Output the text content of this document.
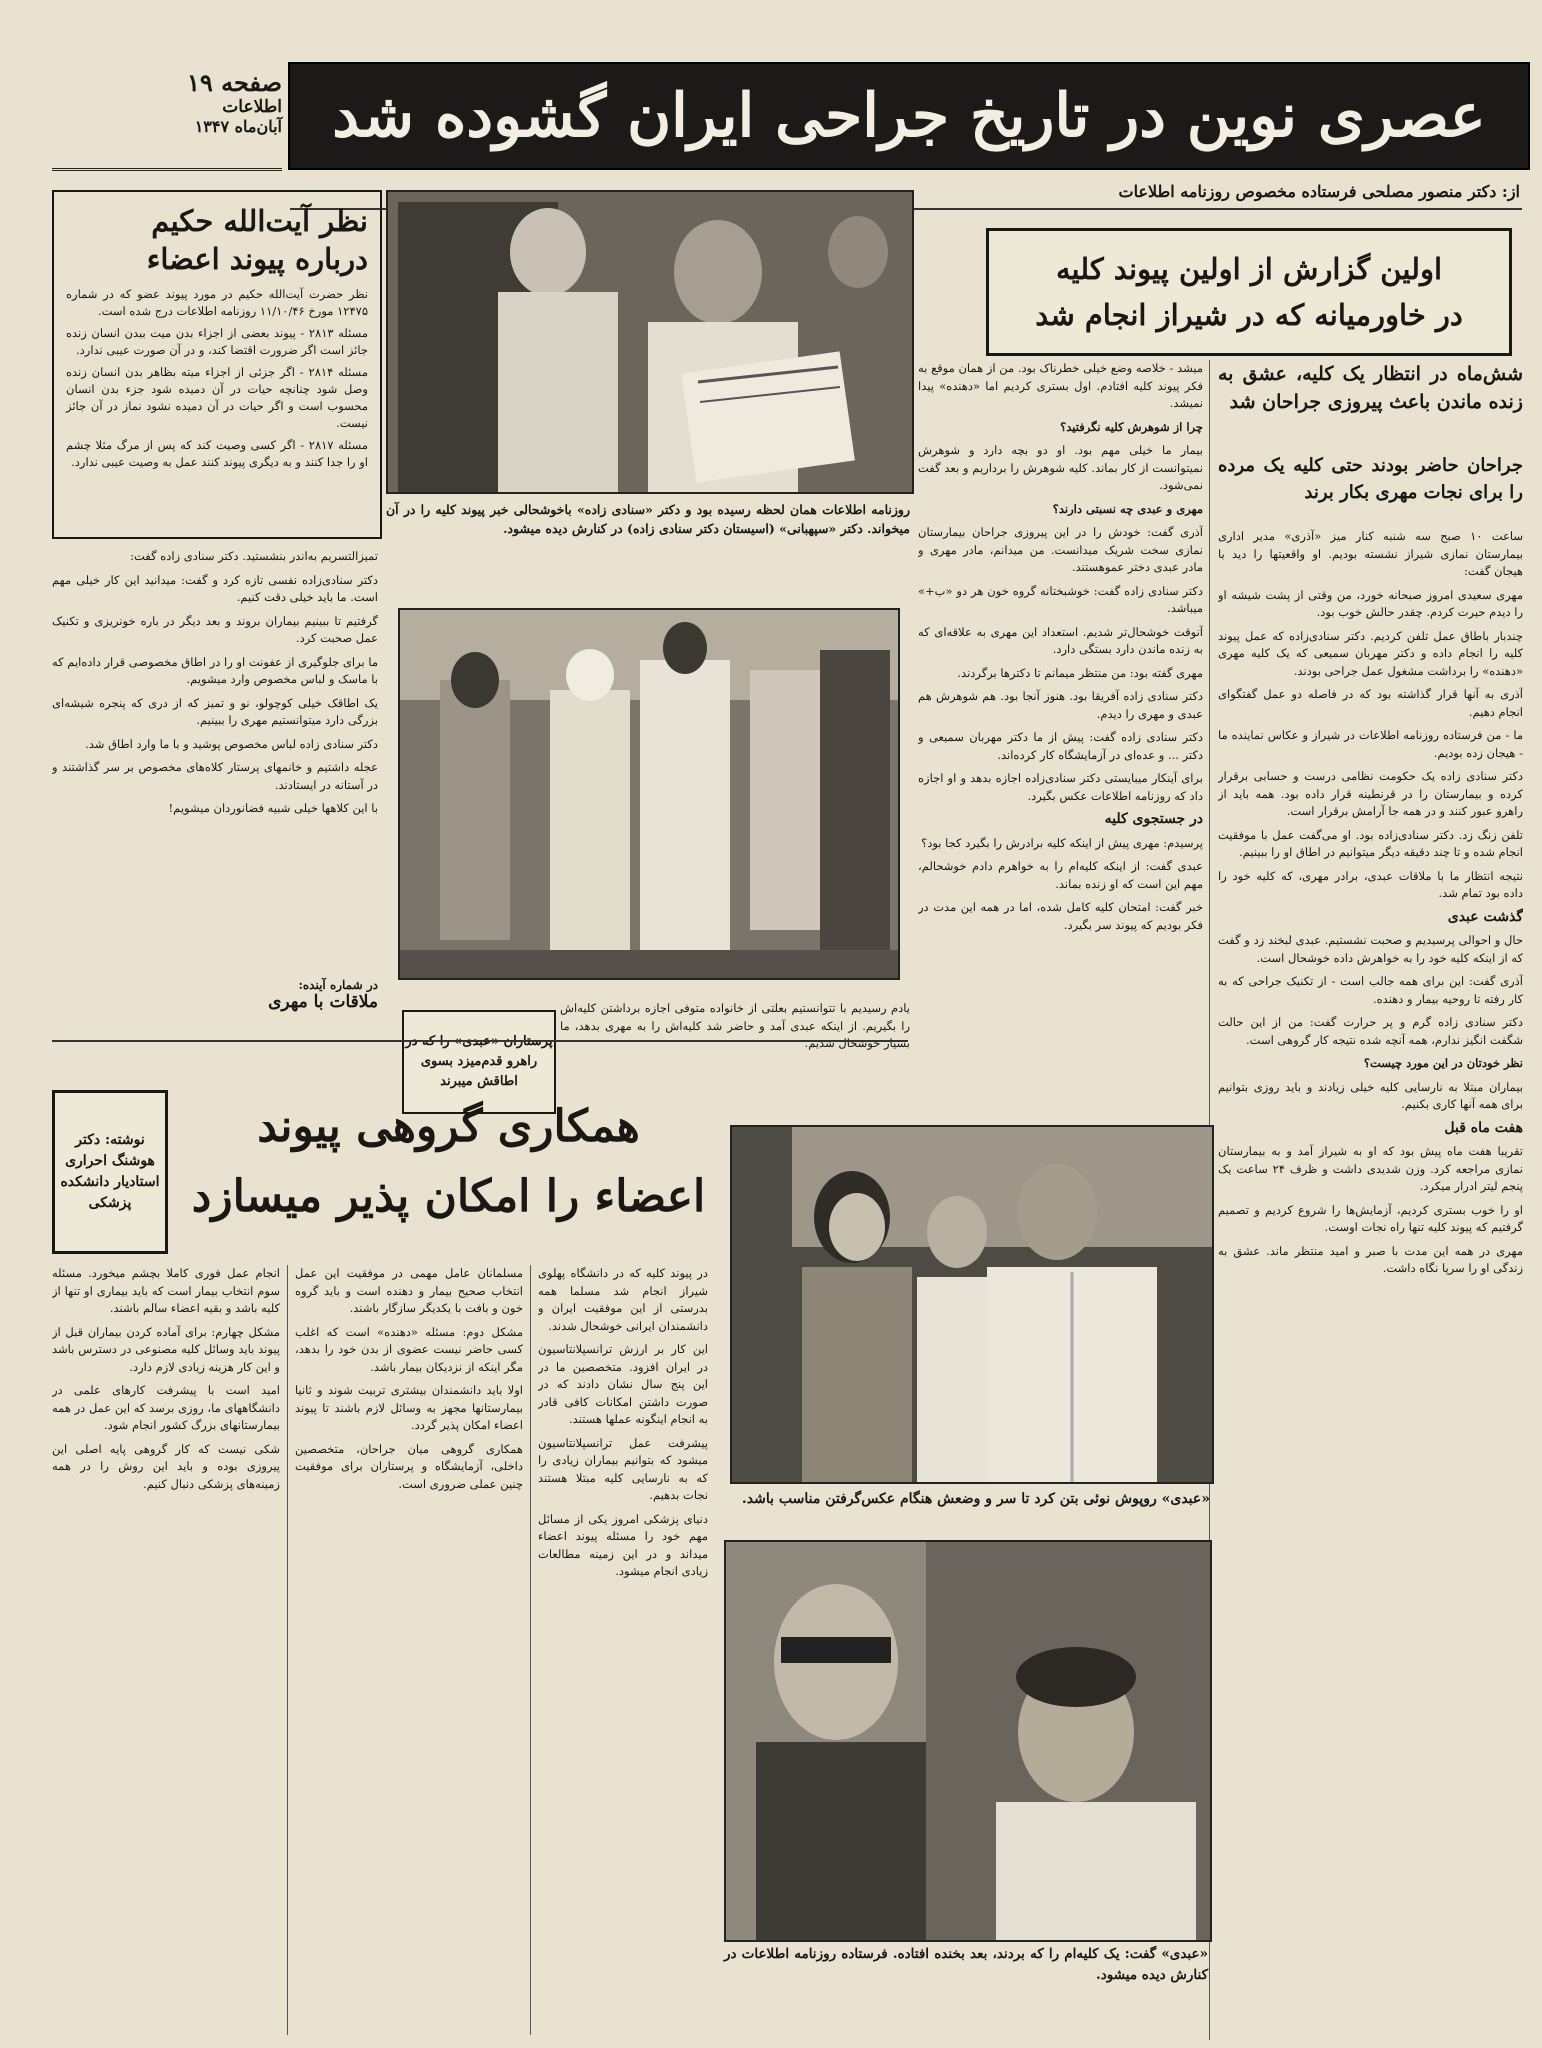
صفحه ۱۹
اطلاعات
آبان‌ماه ۱۳۴۷ عصری نوین در تاریخ جراحی ایران گشوده شد
از: دکتر منصور مصلحی فرستاده مخصوص روزنامه اطلاعات
اولین گزارش از اولین پیوند کلیه
در خاورمیانه که در شیراز انجام شد
شش‌ماه در انتظار یک کلیه، عشق به زنده ماندن باعث پیروزی جراحان شد
جراحان حاضر بودند حتی کلیه یک مرده را برای نجات مهری بکار برند

ساعت ۱۰ صبح سه شنبه کنار میز «آذری» مدیر اداری بیمارستان نمازی شیراز نشسته بودیم. او واقعیتها را دید با هیجان گفت:

مهری سعیدی امروز صبحانه خورد، من وقتی از پشت شیشه او را دیدم حیرت کردم. چقدر حالش خوب بود.

چندبار باطاق عمل تلفن کردیم. دکتر سنادی‌زاده که عمل پیوند کلیه را انجام داده و دکتر مهربان سمیعی که یک کلیه مهری «دهنده» را برداشت مشغول عمل جراحی بودند.

آذری به آنها قرار گذاشته بود که در فاصله دو عمل گفتگوای انجام دهیم.

ما - من فرستاده روزنامه اطلاعات در شیراز و عکاس نماینده ما - هیجان زده بودیم.

دکتر سنادی زاده یک حکومت نظامی درست و حسابی برقرار کرده و بیمارستان را در قرنطینه قرار داده بود. همه باید از راهرو عبور کنند و در همه جا آرامش برقرار است.

تلفن زنگ زد. دکتر سنادی‌زاده بود. او می‌گفت عمل با موفقیت انجام شده و تا چند دقیقه دیگر میتوانیم در اطاق او را ببینیم.

نتیجه انتظار ما با ملاقات عبدی، برادر مهری، که کلیه خود را داده بود تمام شد.

گذشت عبدی

حال و احوالی پرسیدیم و صحبت نشستیم. عبدی لبخند زد و گفت که از اینکه کلیه خود را به خواهرش داده خوشحال است.

آذری گفت: این برای همه جالب است - از تکنیک جراحی که به کار رفته تا روحیه بیمار و دهنده.

دکتر سنادی زاده گرم و پر حرارت گفت: من از این حالت شگفت انگیز ندارم، همه آنچه شده نتیجه کار گروهی است.

نظر خودتان در این مورد چیست؟

بیماران مبتلا به نارسایی کلیه خیلی زیادند و باید روزی بتوانیم برای همه آنها کاری بکنیم.

هفت ماه قبل

تقریبا هفت ماه پیش بود که او به شیراز آمد و به بیمارستان نمازی مراجعه کرد. وزن شدیدی داشت و ظرف ۲۴ ساعت یک پنجم لیتر ادرار میکرد.

او را خوب بستری کردیم، آزمایش‌ها را شروع کردیم و تصمیم گرفتیم که پیوند کلیه تنها راه نجات اوست.

مهری در همه این مدت با صبر و امید منتظر ماند. عشق به زندگی او را سرپا نگاه داشت.

میشد - خلاصه وضع خیلی خطرناک بود. من از همان موقع به فکر پیوند کلیه افتادم. اول بستری کردیم اما «دهنده» پیدا نمیشد.

چرا از شوهرش کلیه نگرفتید؟

بیمار ما خیلی مهم بود. او دو بچه دارد و شوهرش نمیتوانست از کار بماند. کلیه شوهرش را برداریم و بعد گفت نمی‌شود.

مهری و عبدی چه نسبتی دارند؟

آذری گفت: خودش را در این پیروزی جراحان بیمارستان نمازی سخت شریک میدانست. من میدانم، مادر مهری و مادر عبدی دختر عموهستند.

دکتر سنادی زاده گفت: خوشبختانه گروه خون هر دو «ب+» میباشد.

آنوقت خوشحال‌تر شدیم. استعداد این مهری به علاقه‌ای که به زنده ماندن دارد بستگی دارد.

مهری گفته بود: من منتظر میمانم تا دکترها برگردند.

دکتر سنادی زاده آفریقا بود. هنوز آنجا بود. هم شوهرش هم عبدی و مهری را دیدم.

دکتر سنادی زاده گفت: پیش از ما دکتر مهربان سمیعی و دکتر ... و عده‌ای در آزمایشگاه کار کرده‌اند.

برای آینکار میبایستی دکتر سنادی‌زاده اجازه بدهد و او اجازه داد که روزنامه اطلاعات عکس بگیرد.

در جستجوی کلیه

پرسیدم: مهری پیش از اینکه کلیه برادرش را بگیرد کجا بود؟

عبدی گفت: از اینکه کلیه‌ام را به خواهرم دادم خوشحالم، مهم این است که او زنده بماند.

خبر گفت: امتحان کلیه کامل شده، اما در همه این مدت در فکر بودیم که پیوند سر بگیرد.

روزنامه اطلاعات همان لحظه رسیده بود و دکتر «سنادی زاده» باخوشحالی خبر پیوند کلیه را در آن میخواند. دکتر «سپهبانی» (اسیستان دکتر سنادی زاده) در کنارش دیده میشود.
پرستاران «عبدی» را که در راهرو قدم‌میزد بسوی اطاقش میبرند
یادم رسیدیم با تتوانستیم بعلتی از خانواده متوفی اجازه برداشتن کلیه‌اش را بگیریم. از اینکه عبدی آمد و حاضر شد کلیه‌اش را به مهری بدهد، ما بسیار خوشحال شدیم.
نظر آیت‌الله حکیم
درباره پیوند اعضاء
نظر حضرت آیت‌الله حکیم در مورد پیوند عضو که در شماره ۱۲۴۷۵ مورخ ۱۱/۱۰/۴۶ روزنامه اطلاعات درج شده است.
مسئله ۲۸۱۳ - پیوند بعضی از اجزاء بدن میت ببدن انسان زنده جائز است اگر ضرورت اقتضا کند، و در آن صورت عیبی ندارد.
مسئله ۲۸۱۴ - اگر جزئی از اجزاء میته بظاهر بدن انسان زنده وصل شود چنانچه حیات در آن دمیده شود جزء بدن انسان محسوب است و اگر حیات در آن دمیده نشود نماز در آن جائز نیست.
مسئله ۲۸۱۷ - اگر کسی وصیت کند که پس از مرگ مثلا چشم او را جدا کنند و به دیگری پیوند کنند عمل به وصیت عیبی ندارد.

تمیزالتسریم به‌اندر بنشستید. دکتر سنادی زاده گفت:

دکتر سنادی‌زاده نفسی تازه کرد و گفت: میدانید این کار خیلی مهم است. ما باید خیلی دقت کنیم.

گرفتیم تا ببینیم بیماران بروند و بعد دیگر در باره خونریزی و تکنیک عمل صحبت کرد.

ما برای جلوگیری از عفونت او را در اطاق مخصوصی قرار داده‌ایم که با ماسک و لباس مخصوص وارد میشویم.

یک اطاقک خیلی کوچولو، نو و تمیز که از دری که پنجره شیشه‌ای بزرگی دارد میتوانستیم مهری را ببینیم.

دکتر سنادی زاده لباس مخصوص پوشید و با ما وارد اطاق شد.

عجله داشتیم و خانمهای پرستار کلاه‌های مخصوص بر سر گذاشتند و در آستانه در ایستادند.

با این کلاهها خیلی شبیه فضانوردان میشویم!

در شماره آینده:
ملاقات با مهری
نوشته: دکتر
هوشنگ احراری
استادیار دانشکده پزشکی
همکاری گروهی پیوند
اعضاء را امکان پذیر میسازد

در پیوند کلیه که در دانشگاه پهلوی شیراز انجام شد مسلما همه بدرستی از این موفقیت ایران و دانشمندان ایرانی خوشحال شدند.

این کار بر ارزش ترانسپلانتاسیون در ایران افزود. متخصصین ما در این پنج سال نشان دادند که در صورت داشتن امکانات کافی قادر به انجام اینگونه عملها هستند.

پیشرفت عمل ترانسپلانتاسیون میشود که بتوانیم بیماران زیادی را که به نارسایی کلیه مبتلا هستند نجات بدهیم.

دنیای پزشکی امروز یکی از مسائل مهم خود را مسئله پیوند اعضاء میداند و در این زمینه مطالعات زیادی انجام میشود.

مسلمانان عامل مهمی در موفقیت این عمل انتخاب صحیح بیمار و دهنده است و باید گروه خون و بافت با یکدیگر سازگار باشند.

مشکل دوم: مسئله «دهنده» است که اغلب کسی حاضر نیست عضوی از بدن خود را بدهد، مگر اینکه از نزدیکان بیمار باشد.

اولا باید دانشمندان بیشتری تربیت شوند و ثانیا بیمارستانها مجهز به وسائل لازم باشند تا پیوند اعضاء امکان پذیر گردد.

همکاری گروهی میان جراحان، متخصصین داخلی، آزمایشگاه و پرستاران برای موفقیت چنین عملی ضروری است.

انجام عمل فوری کاملا بچشم میخورد. مسئله سوم انتخاب بیمار است که باید بیماری او تنها از کلیه باشد و بقیه اعضاء سالم باشند.

مشکل چهارم: برای آماده کردن بیماران قبل از پیوند باید وسائل کلیه مصنوعی در دسترس باشد و این کار هزینه زیادی لازم دارد.

امید است با پیشرفت کارهای علمی در دانشگاههای ما، روزی برسد که این عمل در همه بیمارستانهای بزرگ کشور انجام شود.

شکی نیست که کار گروهی پایه اصلی این پیروزی بوده و باید این روش را در همه زمینه‌های پزشکی دنبال کنیم.

«عبدی» روپوش نوئی بتن کرد تا سر و وضعش هنگام عکس‌گرفتن مناسب باشد.
«عبدی» گفت: یک کلیه‌ام را که بردند، بعد بخنده افتاده. فرستاده روزنامه اطلاعات در کنارش دیده میشود.
